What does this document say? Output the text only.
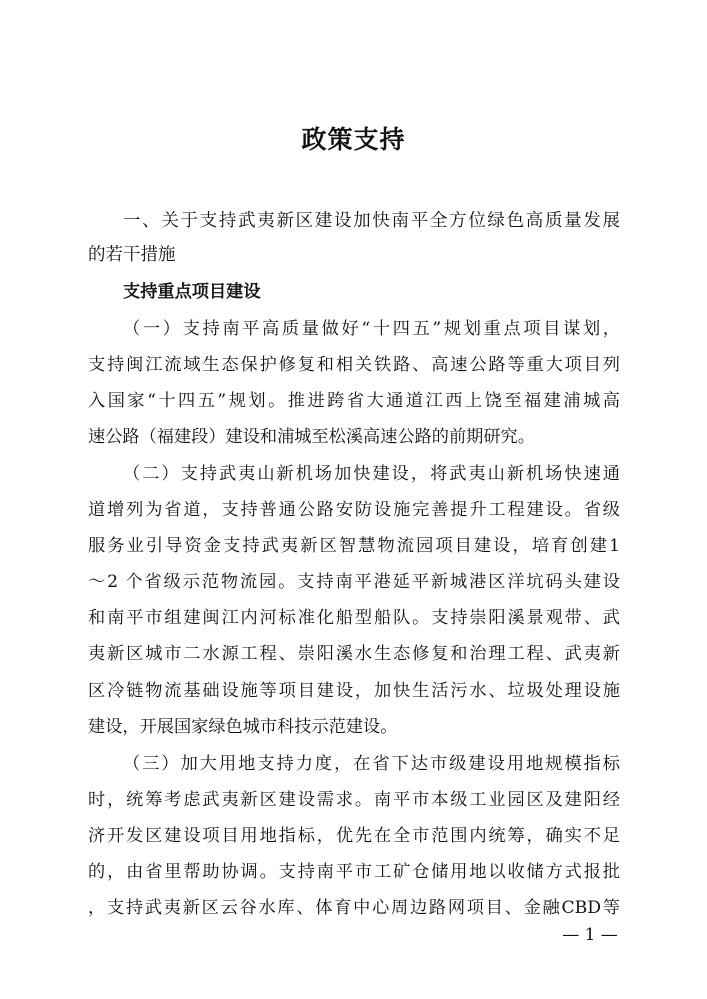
政策支持
一、关于支持武夷新区建设加快南平全方位绿色高质量发展
的若干措施
支持重点项目建设
（一）支持南平高质量做好“十四五”规划重点项目谋划，
支持闽江流域生态保护修复和相关铁路、高速公路等重大项目列
入国家“十四五”规划。推进跨省大通道江西上饶至福建浦城高
速公路（福建段）建设和浦城至松溪高速公路的前期研究。
（二）支持武夷山新机场加快建设，将武夷山新机场快速通
道增列为省道，支持普通公路安防设施完善提升工程建设。省级
服务业引导资金支持武夷新区智慧物流园项目建设，培育创建1
～2 个省级示范物流园。支持南平港延平新城港区洋坑码头建设
和南平市组建闽江内河标准化船型船队。支持崇阳溪景观带、武
夷新区城市二水源工程、崇阳溪水生态修复和治理工程、武夷新
区冷链物流基础设施等项目建设，加快生活污水、垃圾处理设施
建设，开展国家绿色城市科技示范建设。
（三）加大用地支持力度，在省下达市级建设用地规模指标
时，统筹考虑武夷新区建设需求。南平市本级工业园区及建阳经
济开发区建设项目用地指标，优先在全市范围内统筹，确实不足
的，由省里帮助协调。支持南平市工矿仓储用地以收储方式报批
，支持武夷新区云谷水库、体育中心周边路网项目、金融CBD等
— 1 —
